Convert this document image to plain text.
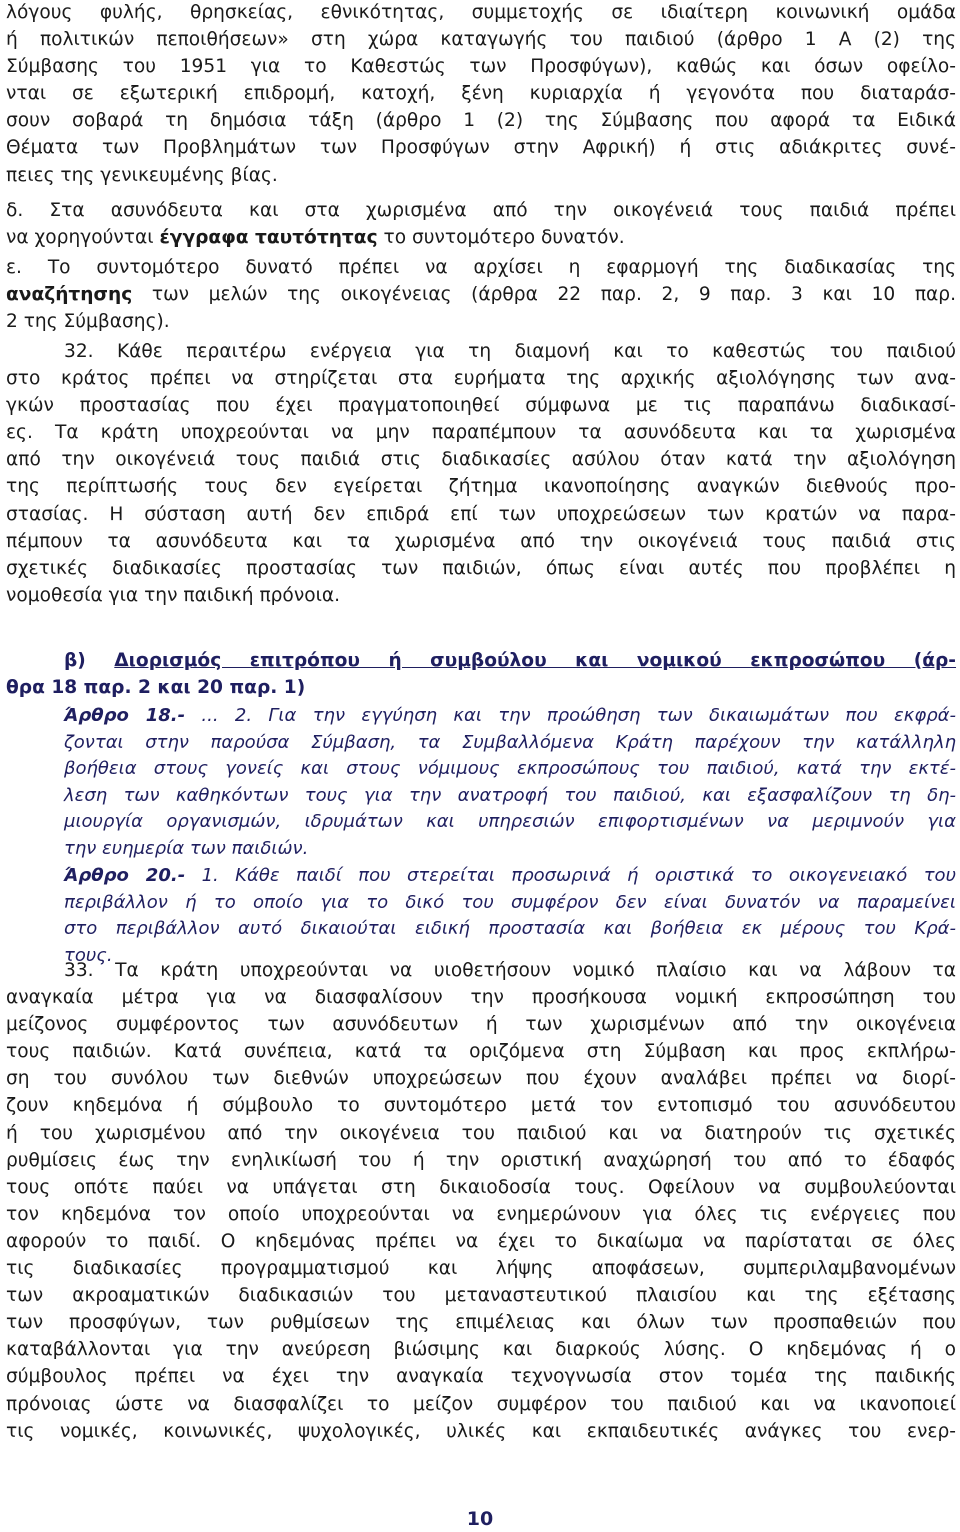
λόγους φυλής, θρησκείας, εθνικότητας, συμμετοχής σε ιδιαίτερη κοινωνική ομάδα
ή πολιτικών πεποιθήσεων» στη χώρα καταγωγής του παιδιού (άρθρο 1 Α (2) της
Σύμβασης του 1951 για το Καθεστώς των Προσφύγων), καθώς και όσων οφείλο-
νται σε εξωτερική επιδρομή, κατοχή, ξένη κυριαρχία ή γεγονότα που διαταράσ-
σουν σοβαρά τη δημόσια τάξη (άρθρο 1 (2) της Σύμβασης που αφορά τα Ειδικά
Θέματα των Προβλημάτων των Προσφύγων στην Αφρική) ή στις αδιάκριτες συνέ-
πειες της γενικευμένης βίας.
δ. Στα ασυνόδευτα και στα χωρισμένα από την οικογένειά τους παιδιά πρέπει
να χορηγούνται έγγραφα ταυτότητας το συντομότερο δυνατόν.
ε. Το συντομότερο δυνατό πρέπει να αρχίσει η εφαρμογή της διαδικασίας της
αναζήτησης των μελών της οικογένειας (άρθρα 22 παρ. 2, 9 παρ. 3 και 10 παρ.
2 της Σύμβασης).
32. Κάθε περαιτέρω ενέργεια για τη διαμονή και το καθεστώς του παιδιού
στο κράτος πρέπει να στηρίζεται στα ευρήματα της αρχικής αξιολόγησης των ανα-
γκών προστασίας που έχει πραγματοποιηθεί σύμφωνα με τις παραπάνω διαδικασί-
ες. Τα κράτη υποχρεούνται να μην παραπέμπουν τα ασυνόδευτα και τα χωρισμένα
από την οικογένειά τους παιδιά στις διαδικασίες ασύλου όταν κατά την αξιολόγηση
της περίπτωσής τους δεν εγείρεται ζήτημα ικανοποίησης αναγκών διεθνούς προ-
στασίας. Η σύσταση αυτή δεν επιδρά επί των υποχρεώσεων των κρατών να παρα-
πέμπουν τα ασυνόδευτα και τα χωρισμένα από την οικογένειά τους παιδιά στις
σχετικές διαδικασίες προστασίας των παιδιών, όπως είναι αυτές που προβλέπει η
νομοθεσία για την παιδική πρόνοια.
β) Διορισμός επιτρόπου ή συμβούλου και νομικού εκπροσώπου (άρ-
θρα 18 παρ. 2 και 20 παρ. 1)
Άρθρο 18.- ... 2. Για την εγγύηση και την προώθηση των δικαιωμάτων που εκφρά-
ζονται στην παρούσα Σύμβαση, τα Συμβαλλόμενα Κράτη παρέχουν την κατάλληλη
βοήθεια στους γονείς και στους νόμιμους εκπροσώπους του παιδιού, κατά την εκτέ-
λεση των καθηκόντων τους για την ανατροφή του παιδιού, και εξασφαλίζουν τη δη-
μιουργία οργανισμών, ιδρυμάτων και υπηρεσιών επιφορτισμένων να μεριμνούν για
την ευημερία των παιδιών.
Άρθρο 20.- 1. Κάθε παιδί που στερείται προσωρινά ή οριστικά το οικογενειακό του
περιβάλλον ή το οποίο για το δικό του συμφέρον δεν είναι δυνατόν να παραμείνει
στο περιβάλλον αυτό δικαιούται ειδική προστασία και βοήθεια εκ μέρους του Κρά-
τους.
33. Τα κράτη υποχρεούνται να υιοθετήσουν νομικό πλαίσιο και να λάβουν τα
αναγκαία μέτρα για να διασφαλίσουν την προσήκουσα νομική εκπροσώπηση του
μείζονος συμφέροντος των ασυνόδευτων ή των χωρισμένων από την οικογένεια
τους παιδιών. Κατά συνέπεια, κατά τα οριζόμενα στη Σύμβαση και προς εκπλήρω-
ση του συνόλου των διεθνών υποχρεώσεων που έχουν αναλάβει πρέπει να διορί-
ζουν κηδεμόνα ή σύμβουλο το συντομότερο μετά τον εντοπισμό του ασυνόδευτου
ή του χωρισμένου από την οικογένεια του παιδιού και να διατηρούν τις σχετικές
ρυθμίσεις έως την ενηλικίωσή του ή την οριστική αναχώρησή του από το έδαφός
τους οπότε παύει να υπάγεται στη δικαιοδοσία τους. Οφείλουν να συμβουλεύονται
τον κηδεμόνα τον οποίο υποχρεούνται να ενημερώνουν για όλες τις ενέργειες που
αφορούν το παιδί. Ο κηδεμόνας πρέπει να έχει το δικαίωμα να παρίσταται σε όλες
τις διαδικασίες προγραμματισμού και λήψης αποφάσεων, συμπεριλαμβανομένων
των ακροαματικών διαδικασιών του μεταναστευτικού πλαισίου και της εξέτασης
των προσφύγων, των ρυθμίσεων της επιμέλειας και όλων των προσπαθειών που
καταβάλλονται για την ανεύρεση βιώσιμης και διαρκούς λύσης. Ο κηδεμόνας ή ο
σύμβουλος πρέπει να έχει την αναγκαία τεχνογνωσία στον τομέα της παιδικής
πρόνοιας ώστε να διασφαλίζει το μείζον συμφέρον του παιδιού και να ικανοποιεί
τις νομικές, κοινωνικές, ψυχολογικές, υλικές και εκπαιδευτικές ανάγκες του ενερ-
10
